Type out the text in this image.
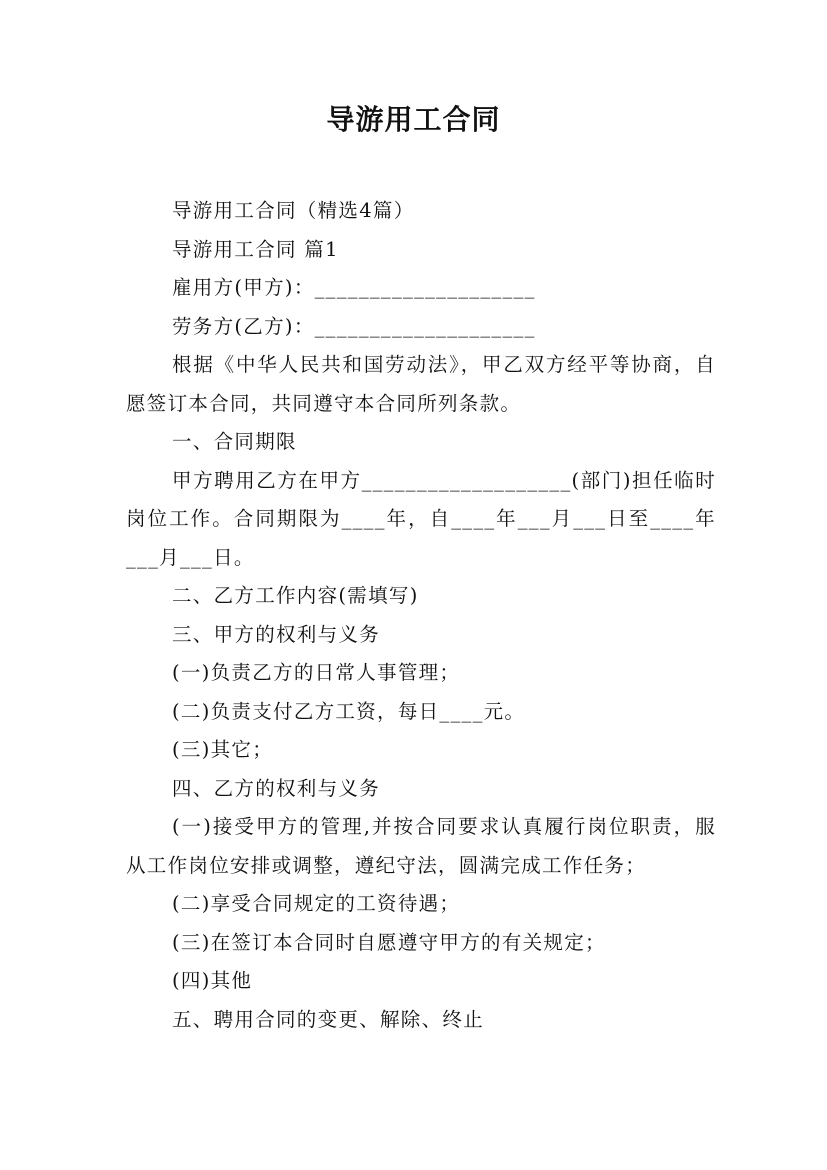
导游用工合同

导游用工合同（精选4篇）

导游用工合同 篇1

雇用方(甲方)：____________________

劳务方(乙方)：____________________

根据《中华人民共和国劳动法》，甲乙双方经平等协商，自愿签订本合同，共同遵守本合同所列条款。

一、合同期限

甲方聘用乙方在甲方___________________(部门)担任临时岗位工作。合同期限为____年，自____年___月___日至____年___月___日。

二、乙方工作内容(需填写)

三、甲方的权利与义务

(一)负责乙方的日常人事管理；

(二)负责支付乙方工资，每日____元。

(三)其它；

四、乙方的权利与义务

(一)接受甲方的管理,并按合同要求认真履行岗位职责，服从工作岗位安排或调整，遵纪守法，圆满完成工作任务；

(二)享受合同规定的工资待遇；

(三)在签订本合同时自愿遵守甲方的有关规定；

(四)其他

五、聘用合同的变更、解除、终止
